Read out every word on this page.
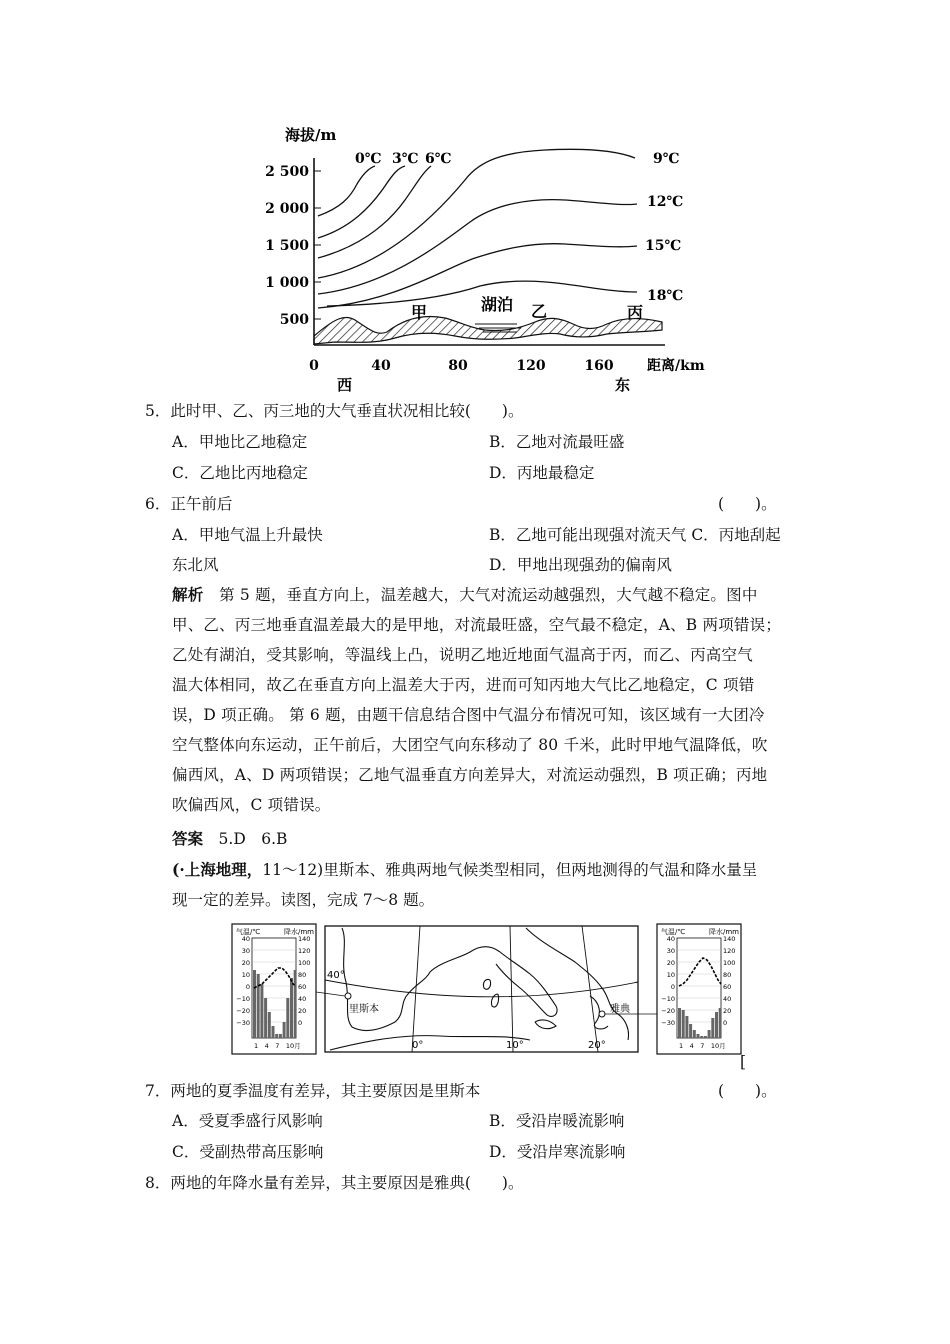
海拔/m
2 500
2 000
1 500
1 000
500
0	40	80	120	160 距离/km
西	东
湖泊
甲	乙	丙
0℃ 3℃ 6℃	9℃
12℃
15℃
18℃
5．此时甲、乙、丙三地的大气垂直状况相比较(　　)。
A．甲地比乙地稳定	B．乙地对流最旺盛
C．乙地比丙地稳定	D．丙地最稳定
6．正午前后	(　　)。
A．甲地气温上升最快	B．乙地可能出现强对流天气 C．丙地刮起
东北风	D．甲地出现强劲的偏南风
解析　 第 5 题，垂直方向上，温差越大，大气对流运动越强烈，大气越不稳定。图中
甲、乙、丙三地垂直温差最大的是甲地，对流最旺盛，空气最不稳定，A、B 两项错误；
乙处有湖泊，受其影响，等温线上凸，说明乙地近地面气温高于丙，而乙、丙高空气
温大体相同，故乙在垂直方向上温差大于丙，进而可知丙地大气比乙地稳定，C 项错
误，D 项正确。 第 6 题，由题干信息结合图中气温分布情况可知，该区域有一大团冷
空气整体向东运动，正午前后，大团空气向东移动了 80 千米，此时甲地气温降低，吹
偏西风，A、D 两项错误；乙地气温垂直方向差异大，对流运动强烈，B 项正确；丙地
吹偏西风，C 项错误。
答案　 5.D　6.B
(·上海地理，11～12)里斯本、雅典两地气候类型相同，但两地测得的气温和降水量呈
现一定的差异。读图，完成 7～8 题。
气温/℃	降水/mm
40
30
20
10
0
−10
−20
−30
140
120
100
80
60
40
20
0
1　4　7　10月
里斯本	雅典
40°
0°	10°	20°
气温/℃	降水/mm
40
30
20
10
0
−10
−20
−30
140
120
100
80
60
40
20
0
1　4　7　10月
[
7．两地的夏季温度有差异，其主要原因是里斯本	(　　)。
A．受夏季盛行风影响	B．受沿岸暖流影响
C．受副热带高压影响	D．受沿岸寒流影响
8．两地的年降水量有差异，其主要原因是雅典(　　)。
